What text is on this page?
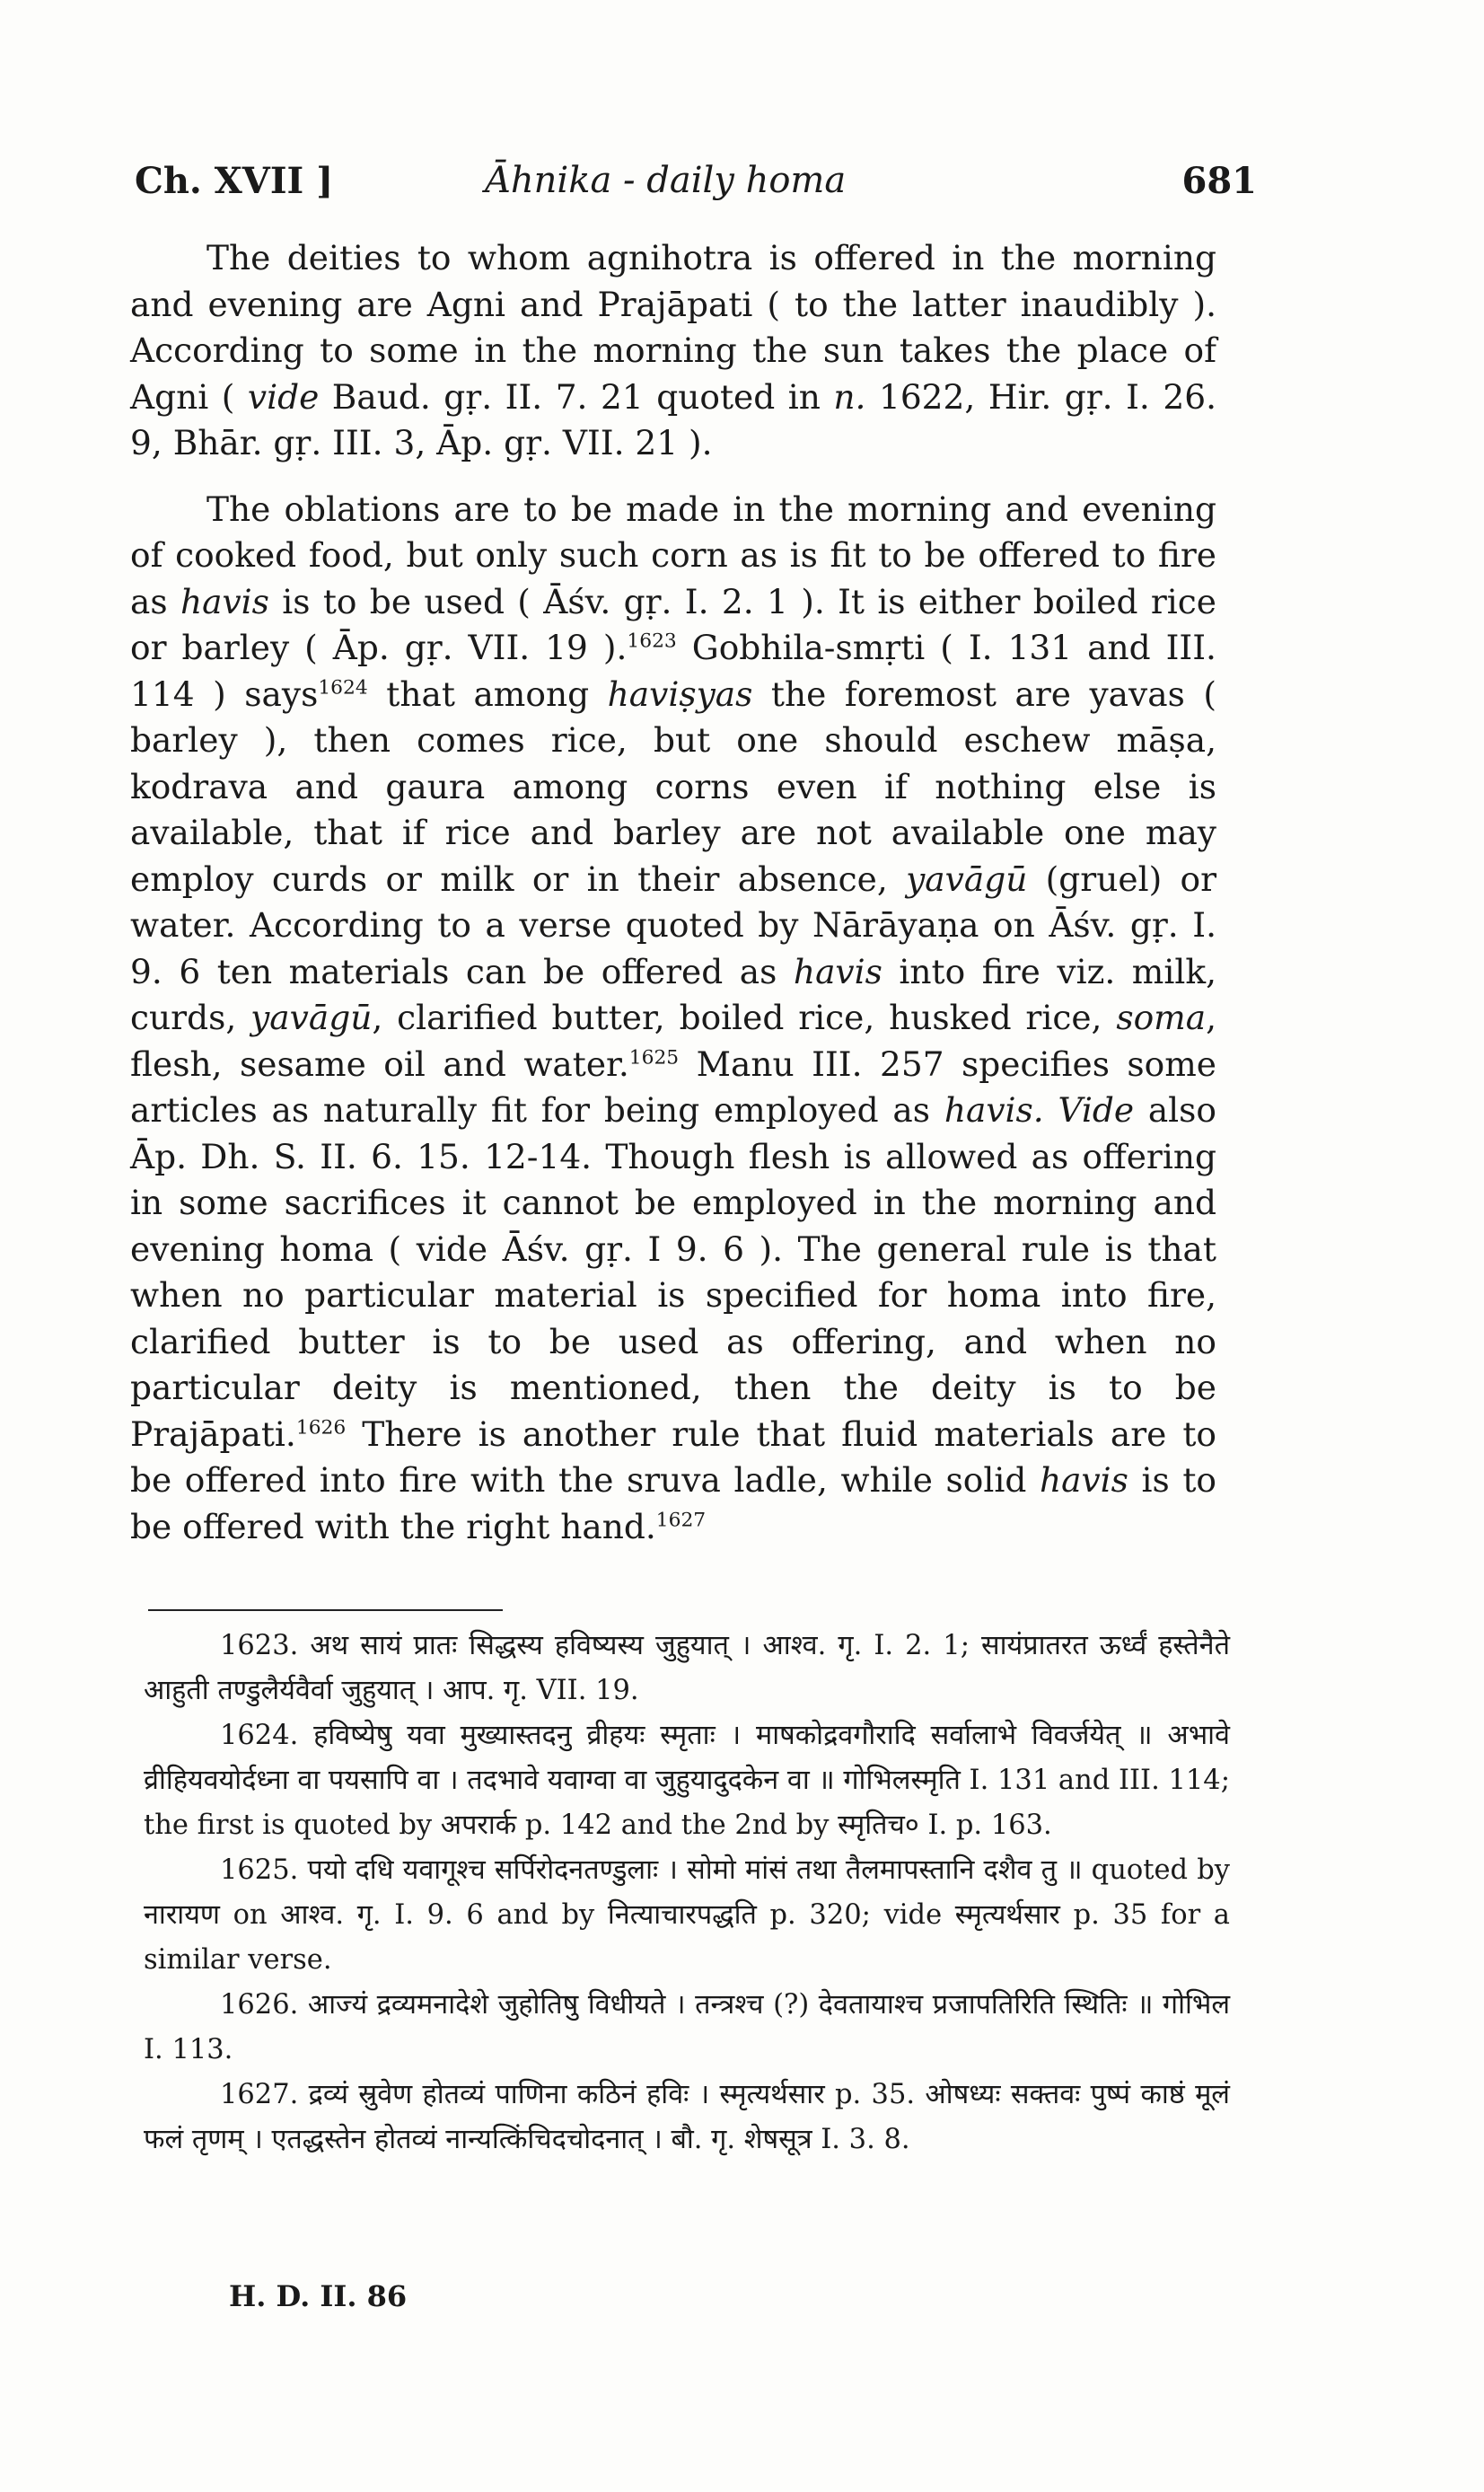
Ch. XVII ]	Āhnika - daily homa	681

The deities to whom agnihotra is offered in the morning and evening are Agni and Prajāpati ( to the latter inaudibly ). According to some in the morning the sun takes the place of Agni ( vide Baud. gṛ. II. 7. 21 quoted in n. 1622, Hir. gṛ. I. 26. 9, Bhār. gṛ. III. 3, Āp. gṛ. VII. 21 ).

The oblations are to be made in the morning and evening of cooked food, but only such corn as is fit to be offered to fire as havis is to be used ( Āśv. gṛ. I. 2. 1 ). It is either boiled rice or barley ( Āp. gṛ. VII. 19 ).$^{1623}$ Gobhila-smṛti ( I. 131 and III. 114 ) says$^{1624}$ that among haviṣyas the foremost are yavas ( barley ), then comes rice, but one should eschew māṣa, kodrava and gaura among corns even if nothing else is available, that if rice and barley are not available one may employ curds or milk or in their absence, yavāgū (gruel) or water. According to a verse quoted by Nārāyaṇa on Āśv. gṛ. I. 9. 6 ten materials can be offered as havis into fire viz. milk, curds, yavāgū, clarified butter, boiled rice, husked rice, soma, flesh, sesame oil and water.$^{1625}$ Manu III. 257 specifies some articles as naturally fit for being employed as havis. Vide also Āp. Dh. S. II. 6. 15. 12-14. Though flesh is allowed as offering in some sacrifices it cannot be employed in the morning and evening homa ( vide Āśv. gṛ. I 9. 6 ). The general rule is that when no particular material is specified for homa into fire, clarified butter is to be used as offering, and when no particular deity is mentioned, then the deity is to be Prajāpati.$^{1626}$ There is another rule that fluid materials are to be offered into fire with the sruva ladle, while solid havis is to be offered with the right hand.$^{1627}$

1623. अथ सायं प्रातः सिद्धस्य हविष्यस्य जुहुयात् । आश्व. गृ. I. 2. 1; सायंप्रातरत ऊर्ध्वं हस्तेनैते आहुती तण्डुलैर्यवैर्वा जुहुयात् । आप. गृ. VII. 19.

1624. हविष्येषु यवा मुख्यास्तदनु व्रीहयः स्मृताः । माषकोद्रवगौरादि सर्वालाभे विवर्जयेत् ॥ अभावे व्रीहियवयोर्दध्ना वा पयसापि वा । तदभावे यवाग्वा वा जुहुयादुदकेन वा ॥ गोभिलस्मृति I. 131 and III. 114; the first is quoted by अपरार्क p. 142 and the 2nd by स्मृतिच० I. p. 163.

1625. पयो दधि यवागूश्च सर्पिरोदनतण्डुलाः । सोमो मांसं तथा तैलमापस्तानि दशैव तु ॥ quoted by नारायण on आश्व. गृ. I. 9. 6 and by नित्याचारपद्धति p. 320; vide स्मृत्यर्थसार p. 35 for a similar verse.

1626. आज्यं द्रव्यमनादेशे जुहोतिषु विधीयते । तन्त्रश्च (?) देवतायाश्च प्रजापतिरिति स्थितिः ॥ गोभिल I. 113.

1627. द्रव्यं स्रुवेण होतव्यं पाणिना कठिनं हविः । स्मृत्यर्थसार p. 35. ओषध्यः सक्तवः पुष्पं काष्ठं मूलं फलं तृणम् । एतद्धस्तेन होतव्यं नान्यत्किंचिदचोदनात् । बौ. गृ. शेषसूत्र I. 3. 8.

H. D. II. 86
